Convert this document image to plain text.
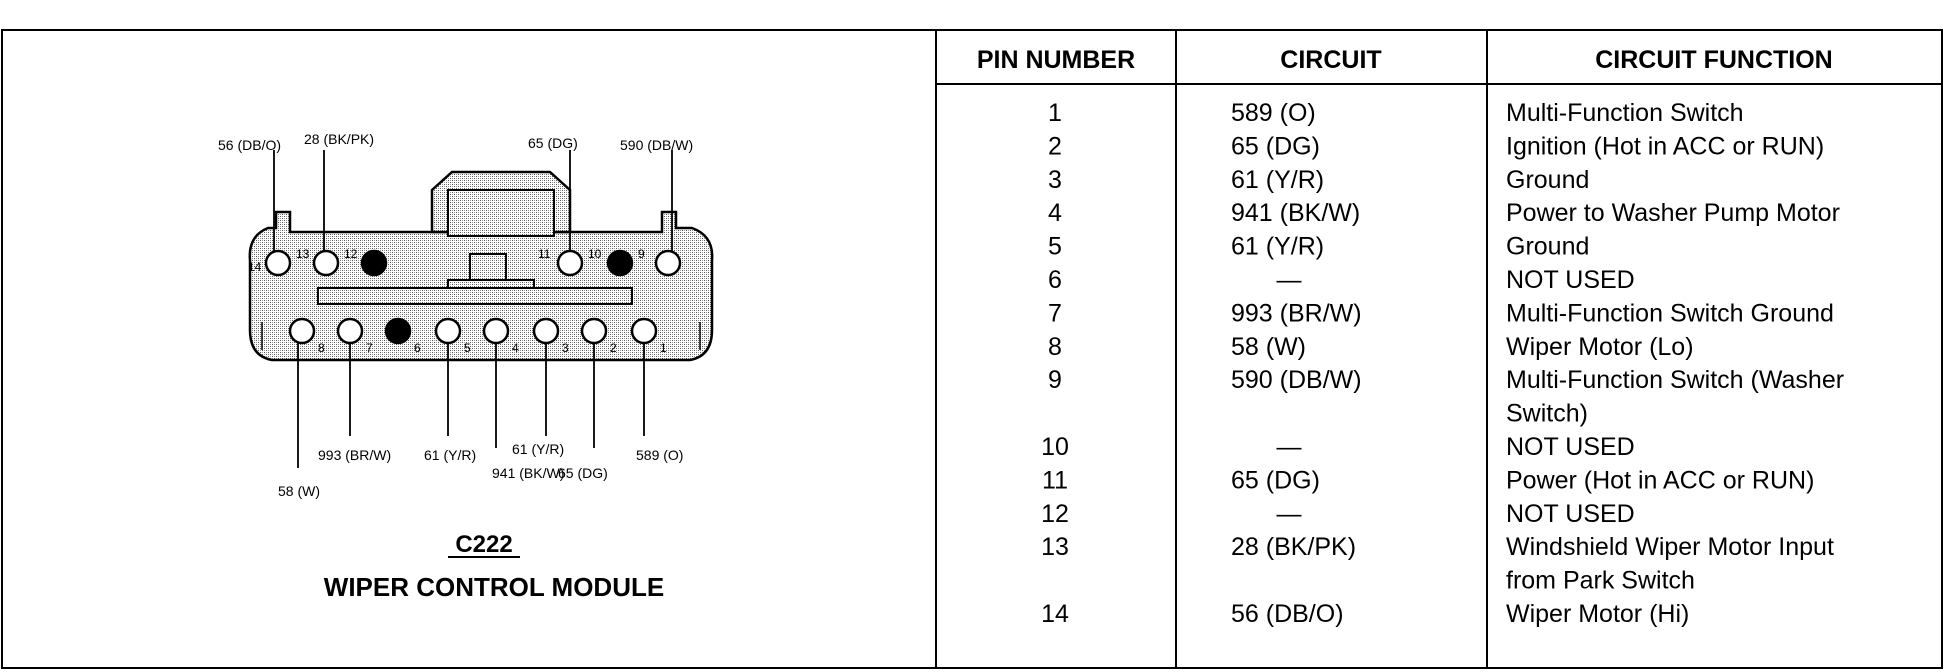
14
13	12	11	10	9
8	7	6	5	4	3	2	1
56 (DB/O) 28 (BK/PK)	65 (DG)	590 (DB/W)
993 (BR/W) 61 (Y/R)	61 (Y/R)	589 (O)
941 (BK/W)
65 (DG)
58 (W)
C222
WIPER CONTROL MODULE
PIN NUMBER	CIRCUIT	CIRCUIT FUNCTION
1	589 (O)	Multi-Function Switch
2	65 (DG)	Ignition (Hot in ACC or RUN)
3	61 (Y/R)	Ground
4	941 (BK/W)	Power to Washer Pump Motor
5	61 (Y/R)	Ground
6	—	NOT USED
7	993 (BR/W)	Multi-Function Switch Ground
8	58 (W)	Wiper Motor (Lo)
9	590 (DB/W)	Multi-Function Switch (Washer
Switch)
10	—	NOT USED
11	65 (DG)	Power (Hot in ACC or RUN)
12	—	NOT USED
13	28 (BK/PK)	Windshield Wiper Motor Input
from Park Switch
14	56 (DB/O)	Wiper Motor (Hi)
